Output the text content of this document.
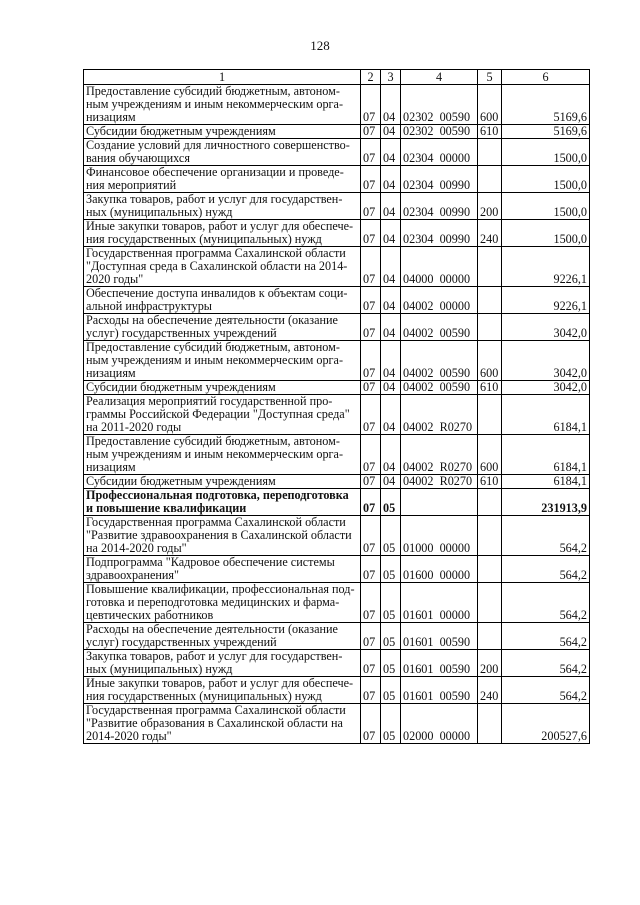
128
1	2	3	4	5	6
Предоставление субсидий бюджетным, автоном-
ным учреждениям и иным некоммерческим орга-
низациям	07	04	02302  00590	600	5169,6
Субсидии бюджетным учреждениям	07	04	02302  00590	610	5169,6
Создание условий для личностного совершенство-
вания обучающихся	07	04	02304  00000		1500,0
Финансовое обеспечение организации и проведе-
ния мероприятий	07	04	02304  00990		1500,0
Закупка товаров, работ и услуг для государствен-
ных (муниципальных) нужд	07	04	02304  00990	200	1500,0
Иные закупки товаров, работ и услуг для обеспече-
ния государственных (муниципальных) нужд	07	04	02304  00990	240	1500,0
Государственная программа Сахалинской области
"Доступная среда в Сахалинской области на 2014-
2020 годы"	07	04	04000  00000		9226,1
Обеспечение доступа инвалидов к объектам соци-
альной инфраструктуры	07	04	04002  00000		9226,1
Расходы на обеспечение деятельности (оказание
услуг) государственных учреждений	07	04	04002  00590		3042,0
Предоставление субсидий бюджетным, автоном-
ным учреждениям и иным некоммерческим орга-
низациям	07	04	04002  00590	600	3042,0
Субсидии бюджетным учреждениям	07	04	04002  00590	610	3042,0
Реализация мероприятий государственной про-
граммы Российской Федерации "Доступная среда"
на 2011-2020 годы	07	04	04002  R0270		6184,1
Предоставление субсидий бюджетным, автоном-
ным учреждениям и иным некоммерческим орга-
низациям	07	04	04002  R0270	600	6184,1
Субсидии бюджетным учреждениям	07	04	04002  R0270	610	6184,1
Профессиональная подготовка, переподготовка
и повышение квалификации	07	05			231913,9
Государственная программа Сахалинской области
"Развитие здравоохранения в Сахалинской области
на 2014-2020 годы"	07	05	01000  00000		564,2
Подпрограмма "Кадровое обеспечение системы
здравоохранения"	07	05	01600  00000		564,2
Повышение квалификации, профессиональная под-
готовка и переподготовка медицинских и фарма-
цевтических работников	07	05	01601  00000		564,2
Расходы на обеспечение деятельности (оказание
услуг) государственных учреждений	07	05	01601  00590		564,2
Закупка товаров, работ и услуг для государствен-
ных (муниципальных) нужд	07	05	01601  00590	200	564,2
Иные закупки товаров, работ и услуг для обеспече-
ния государственных (муниципальных) нужд	07	05	01601  00590	240	564,2
Государственная программа Сахалинской области
"Развитие образования в Сахалинской области на
2014-2020 годы"	07	05	02000  00000		200527,6
